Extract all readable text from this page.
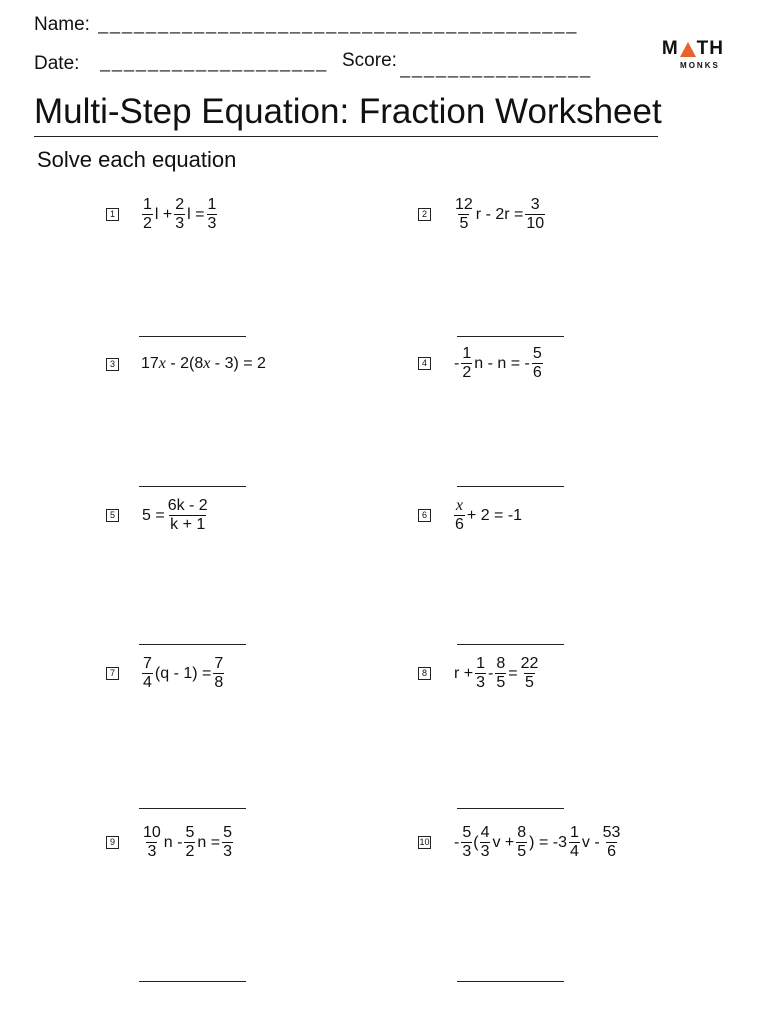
Name: ________________________________________
Date: ___________________ Score: ________________
M TH
MONKS
Multi-Step Equation: Fraction Worksheet
Solve each equation
$1 \frac{1}{2}$ $l + \frac{2}{3}$ $l = \frac{1}{3}$	$2 \frac{12}{5}$ $r - 2r = \frac{3}{10}$
3 17 x - 2(8 x - 3) = 2	$4 - \frac{1}{2}$ n - n = - $\frac{5}{6}$
5 $5 = \frac{6k - 2}{k + 1}$	$6 \frac{x}{6} + 2 = -1$
$7 \frac{7}{4} (q - 1) = \frac{7}{8}$	8 $r + \frac{1}{3} - \frac{8}{5} = \frac{22}{5}$
$9 \frac{10}{3}$ n - $\frac{5}{2}$ $n = \frac{5}{3}$	$10 - \frac{5}{3}$ ( $\frac{4}{3}$ $v + \frac{8}{5}$ ) = $-3 \frac{1}{4}$ v - $\frac{53}{6}$
